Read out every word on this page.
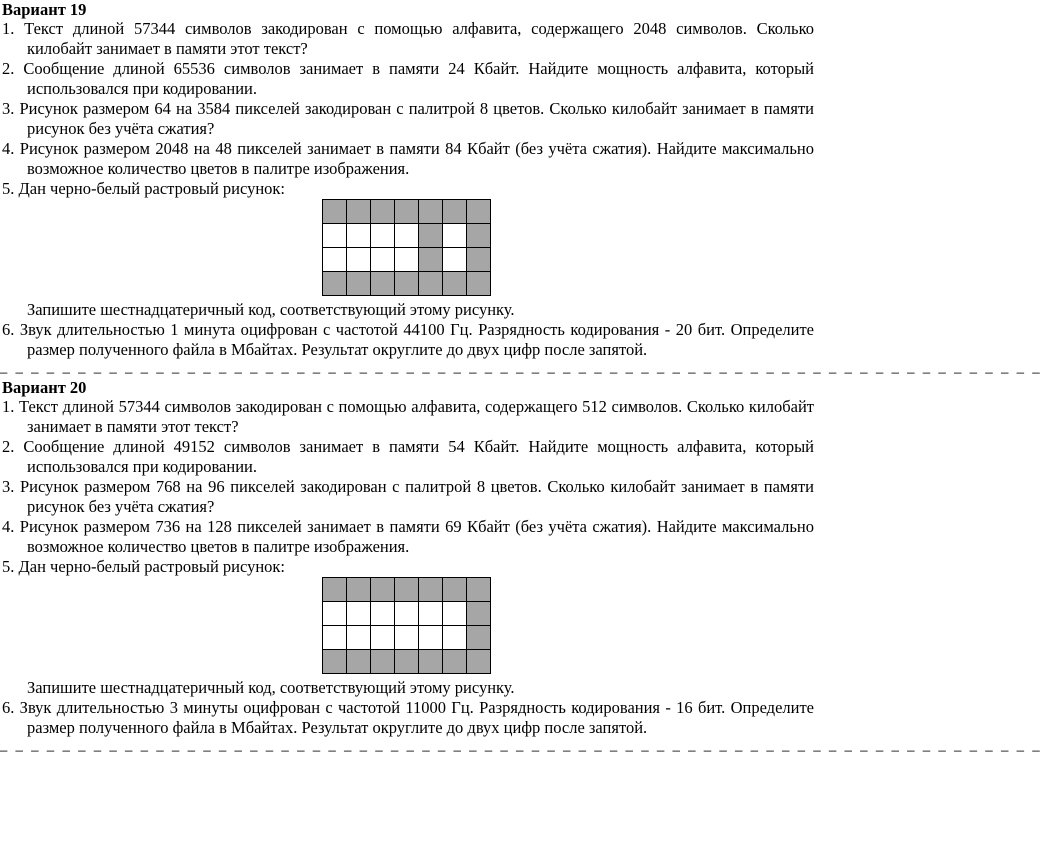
Вариант 19

1. Текст длиной 57344 символов закодирован с помощью алфавита, содержащего 2048 символов. Сколько килобайт занимает в памяти этот текст?

2. Сообщение длиной 65536 символов занимает в памяти 24 Кбайт. Найдите мощность алфавита, который использовался при кодировании.

3. Рисунок размером 64 на 3584 пикселей закодирован с палитрой 8 цветов. Сколько килобайт занимает в памяти рисунок без учёта сжатия?

4. Рисунок размером 2048 на 48 пикселей занимает в памяти 84 Кбайт (без учёта сжатия). Найдите максимально возможное количество цветов в палитре изображения.

5. Дан черно-белый растровый рисунок:

Запишите шестнадцатеричный код, соответствующий этому рисунку.

6. Звук длительностью 1 минута оцифрован с частотой 44100 Гц. Разрядность кодирования - 20 бит. Определите размер полученного файла в Мбайтах. Результат округлите до двух цифр после запятой.

_ _ _ _ _ _ _ _ _ _ _ _ _ _ _ _ _ _ _ _ _ _ _ _ _ _ _ _ _ _ _ _ _ _ _ _ _ _ _ _ _ _ _ _ _ _ _ _ _ _ _ _ _ _ _ _ _ _ _ _ _ _ _ _ _ _ _

Вариант 20

1. Текст длиной 57344 символов закодирован с помощью алфавита, содержащего 512 символов. Сколько килобайт занимает в памяти этот текст?

2. Сообщение длиной 49152 символов занимает в памяти 54 Кбайт. Найдите мощность алфавита, который использовался при кодировании.

3. Рисунок размером 768 на 96 пикселей закодирован с палитрой 8 цветов. Сколько килобайт занимает в памяти рисунок без учёта сжатия?

4. Рисунок размером 736 на 128 пикселей занимает в памяти 69 Кбайт (без учёта сжатия). Найдите максимально возможное количество цветов в палитре изображения.

5. Дан черно-белый растровый рисунок:

Запишите шестнадцатеричный код, соответствующий этому рисунку.

6. Звук длительностью 3 минуты оцифрован с частотой 11000 Гц. Разрядность кодирования - 16 бит. Определите размер полученного файла в Мбайтах. Результат округлите до двух цифр после запятой.

_ _ _ _ _ _ _ _ _ _ _ _ _ _ _ _ _ _ _ _ _ _ _ _ _ _ _ _ _ _ _ _ _ _ _ _ _ _ _ _ _ _ _ _ _ _ _ _ _ _ _ _ _ _ _ _ _ _ _ _ _ _ _ _ _ _ _
